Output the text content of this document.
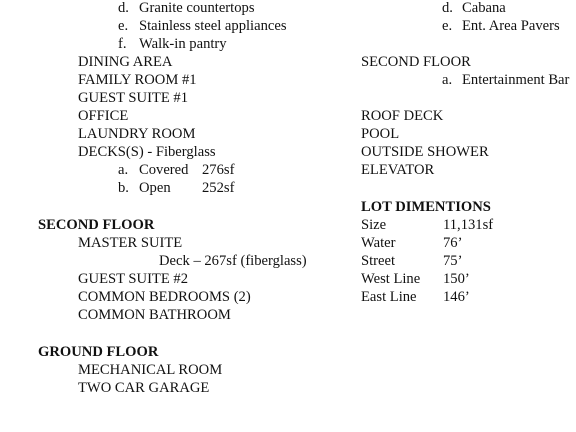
d. Granite countertops
e. Stainless steel appliances
f. Walk-in pantry
DINING AREA
FAMILY ROOM #1
GUEST SUITE #1
OFFICE
LAUNDRY ROOM
DECKS(S) - Fiberglass
a. Covered 276sf
b. Open 252sf
SECOND FLOOR
MASTER SUITE
Deck – 267sf (fiberglass)
GUEST SUITE #2
COMMON BEDROOMS (2)
COMMON BATHROOM
GROUND FLOOR
MECHANICAL ROOM
TWO CAR GARAGE
d. Cabana
e. Ent. Area Pavers
SECOND FLOOR
a. Entertainment Bar
ROOF DECK
POOL
OUTSIDE SHOWER
ELEVATOR
LOT DIMENTIONS
Size	11,131sf
Water	76’
Street	75’
West Line 150’
East Line 146’
